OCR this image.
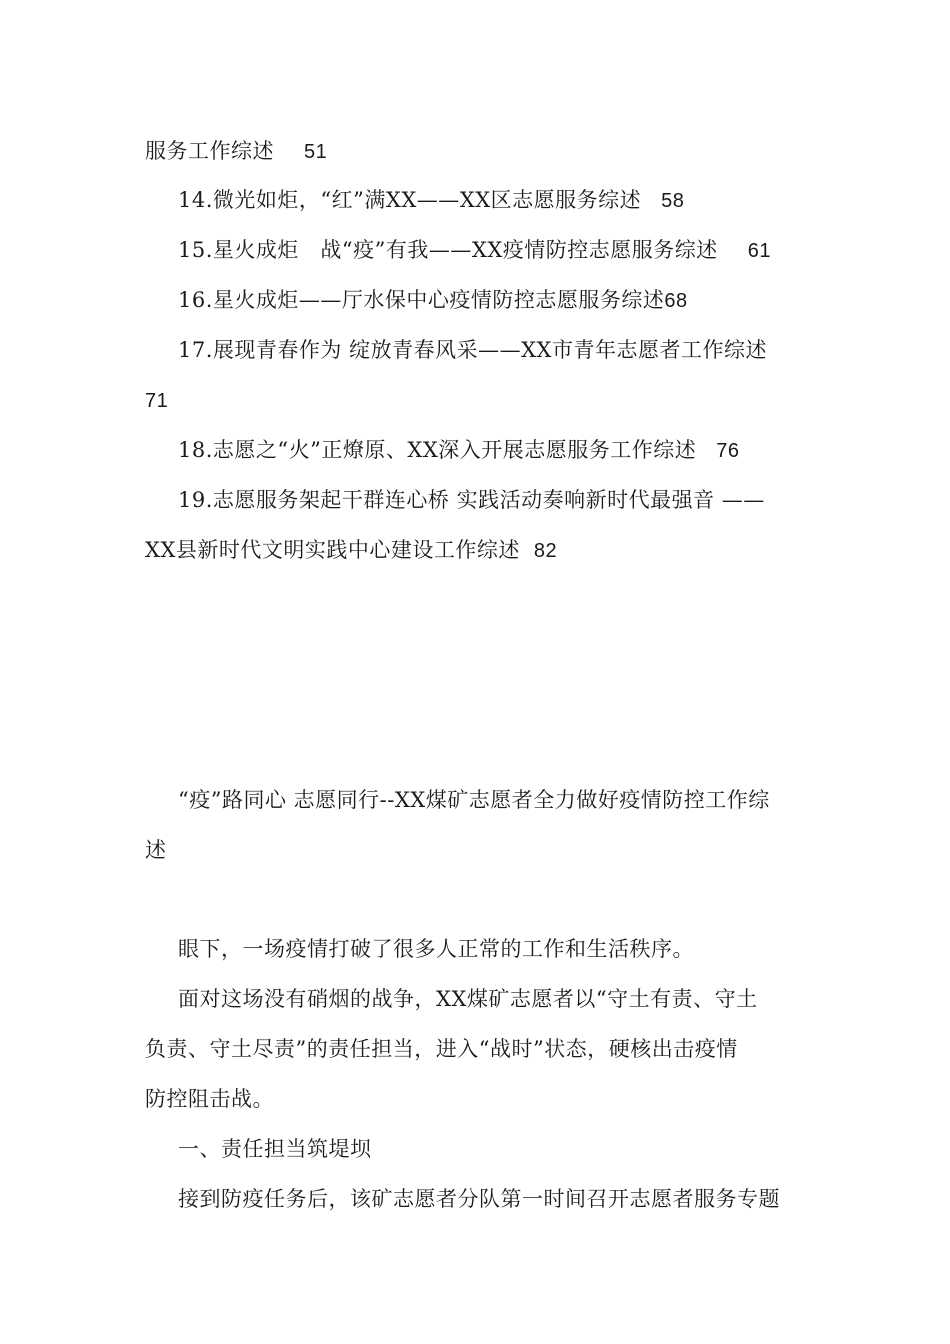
服务工作综述 51
14.微光如炬，“红”满XX——XX区志愿服务综述 58
15.星火成炬　战“疫”有我——XX疫情防控志愿服务综述 61
16.星火成炬——厅水保中心疫情防控志愿服务综述68
17.展现青春作为 绽放青春风采——XX市青年志愿者工作综述
71
18.志愿之“火”正燎原、XX深入开展志愿服务工作综述 76
19.志愿服务架起干群连心桥 实践活动奏响新时代最强音 ——
XX县新时代文明实践中心建设工作综述 82
“疫”路同心 志愿同行--XX煤矿志愿者全力做好疫情防控工作综
述
眼下，一场疫情打破了很多人正常的工作和生活秩序。
面对这场没有硝烟的战争，XX煤矿志愿者以“守土有责、守土
负责、守土尽责”的责任担当，进入“战时”状态，硬核出击疫情
防控阻击战。
一、责任担当筑堤坝
接到防疫任务后，该矿志愿者分队第一时间召开志愿者服务专题
